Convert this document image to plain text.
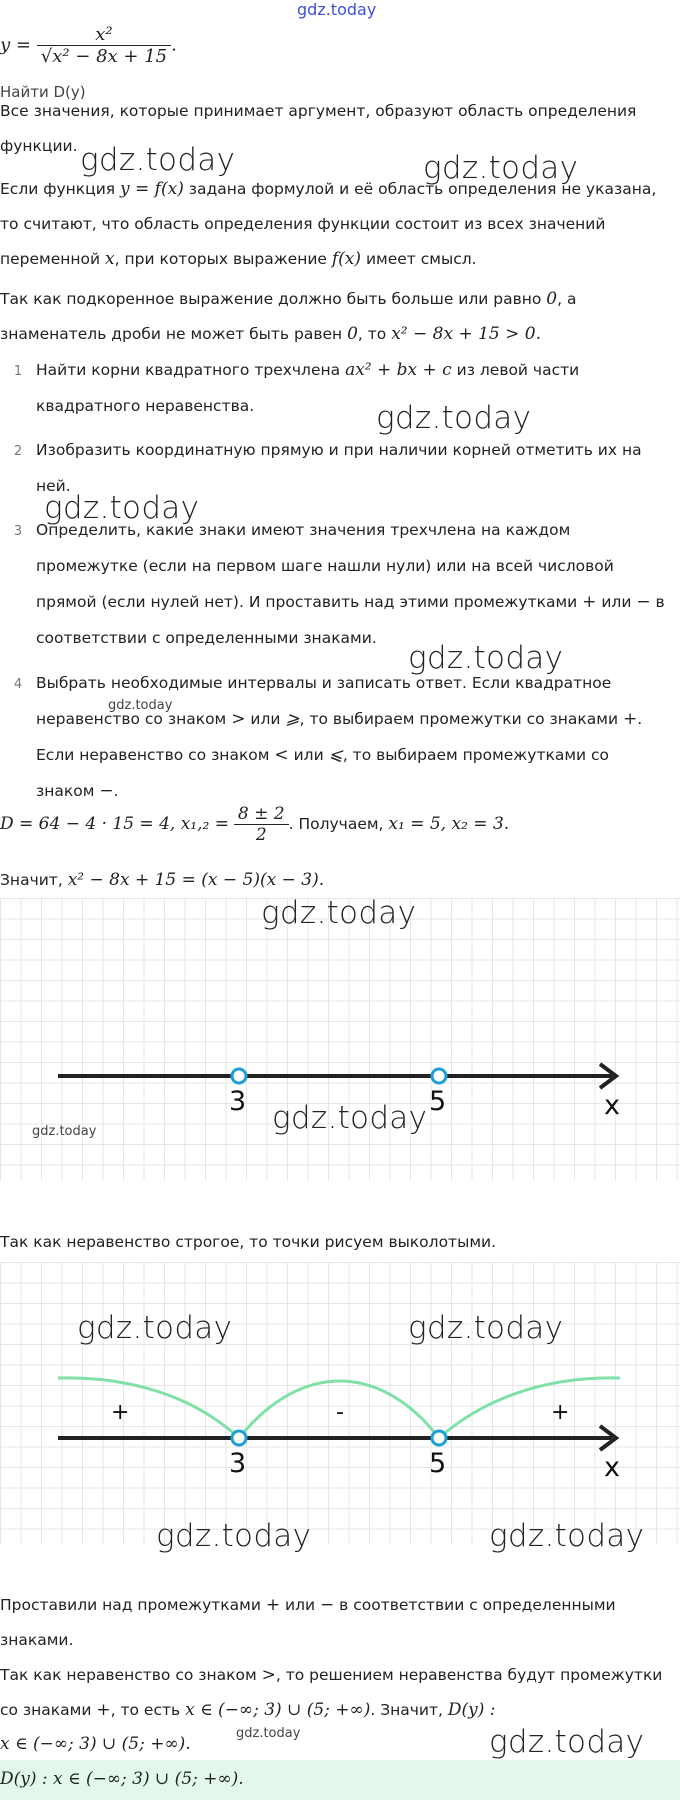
gdz.today
$y = \frac{\text{x²}}{\text{√x² − 8x + 15}}$ .
Найти D(y)
Все значения, которые принимает аргумент, образуют область определения функции.
Если функция y = f(x) задана формулой и её область определения не указана, то считают, что область определения функции состоит из всех значений переменной x, при которых выражение f(x) имеет смысл.
Так как подкоренное выражение должно быть больше или равно 0, а знаменатель дроби не может быть равен 0, то x² − 8x + 15 > 0.
1 Найти корни квадратного трехчлена ax² + bx + c из левой части квадратного неравенства.
2 Изобразить координатную прямую и при наличии корней отметить их на ней.
3 Определить, какие знаки имеют значения трехчлена на каждом промежутке (если на первом шаге нашли нули) или на всей числовой прямой (если нулей нет). И проставить над этими промежутками + или − в соответствии с определенными знаками.
4 Выбрать необходимые интервалы и записать ответ. Если квадратное неравенство со знаком > или ⩾, то выбираем промежутки со знаками +. Если неравенство со знаком < или ⩽, то выбираем промежутками со знаком −.
D = 64 − 4 · 15 = 4, $x_1,_2 = \frac{8 \pm 2}{2}$ . Получаем, x₁ = 5, x₂ = 3.
Значит, x² − 8x + 15 = (x − 5)(x − 3).
3	5	x
Так как неравенство строгое, то точки рисуем выколотыми.
+	-	+
3	5	x
Проставили над промежутками + или − в соответствии с определенными знаками.
Так как неравенство со знаком >, то решением неравенства будут промежутки со знаками +, то есть x ∈ (−∞; 3) ∪ (5; +∞). Значит, D(y) :
x ∈ (−∞; 3) ∪ (5; +∞).
D(y) : x ∈ (−∞; 3) ∪ (5; +∞).
gdz.today	gdz.today
gdz.today
gdz.today
gdz.today
gdz.today
gdz.today
gdz.today	gdz.today
gdz.today	gdz.today
gdz.today
gdz.today
gdz.today
gdz.today
